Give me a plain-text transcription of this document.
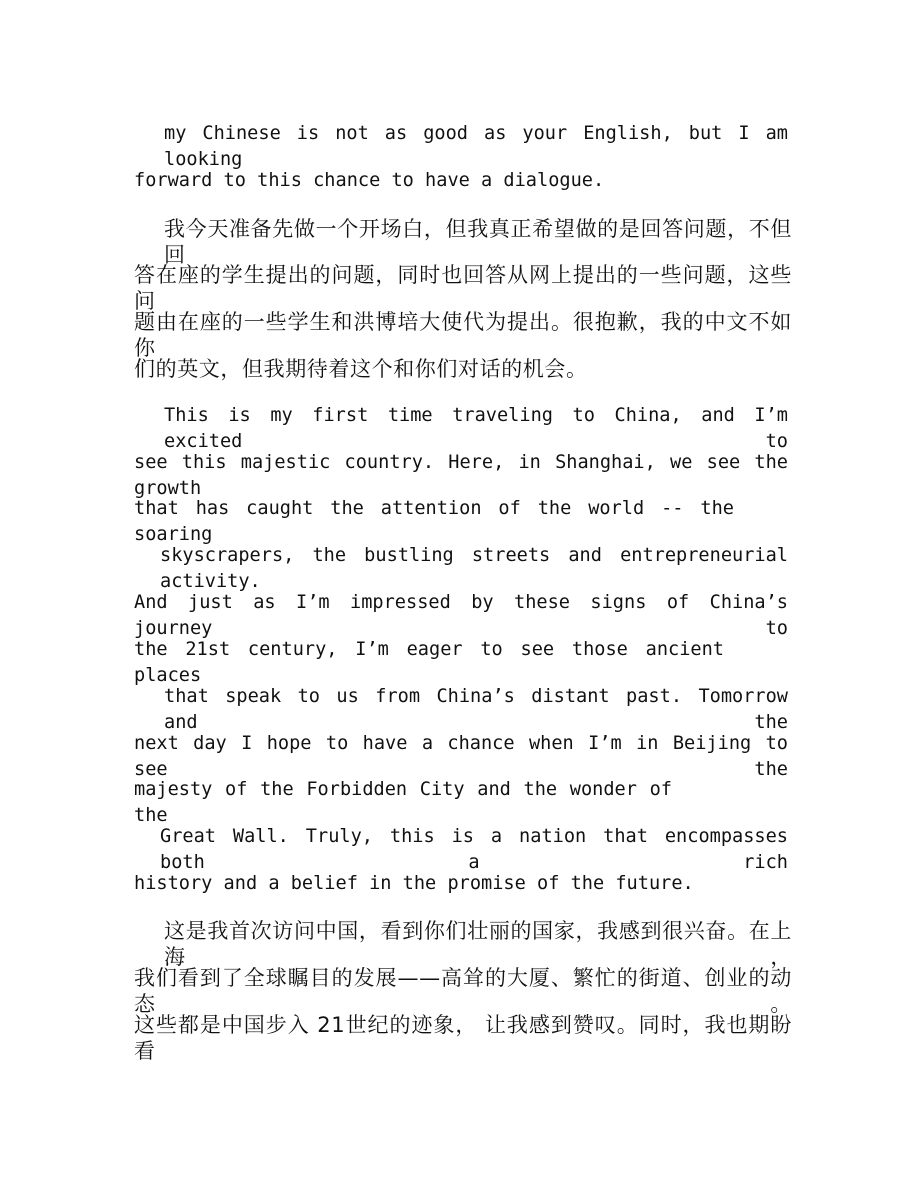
my Chinese is not as good as your English, but I am looking
forward to this chance to have a dialogue.
我今天准备先做一个开场白，但我真正希望做的是回答问题，不但回
答在座的学生提出的问题，同时也回答从网上提出的一些问题，这些问
题由在座的一些学生和洪博培大使代为提出。很抱歉，我的中文不如你
们的英文，但我期待着这个和你们对话的机会。
This is my first time traveling to China, and I’m excited to
see this majestic country. Here, in Shanghai, we see the growth
that has caught the attention of the world -- the soaring
skyscrapers, the bustling streets and entrepreneurial activity.
And just as I’m impressed by these signs of China’s journey to
the 21st century, I’m eager to see those ancient places
that speak to us from China’s distant past. Tomorrow and the
next day I hope to have a chance when I’m in Beijing to see the
majesty of the Forbidden City and the wonder of the
Great Wall. Truly, this is a nation that encompasses both a rich
history and a belief in the promise of the future.
这是我首次访问中国，看到你们壮丽的国家，我感到很兴奋。在上海，
我们看到了全球瞩目的发展——高耸的大厦、繁忙的街道、创业的动态。
这些都是中国步入 21世纪的迹象， 让我感到赞叹。同时，我也期盼看
